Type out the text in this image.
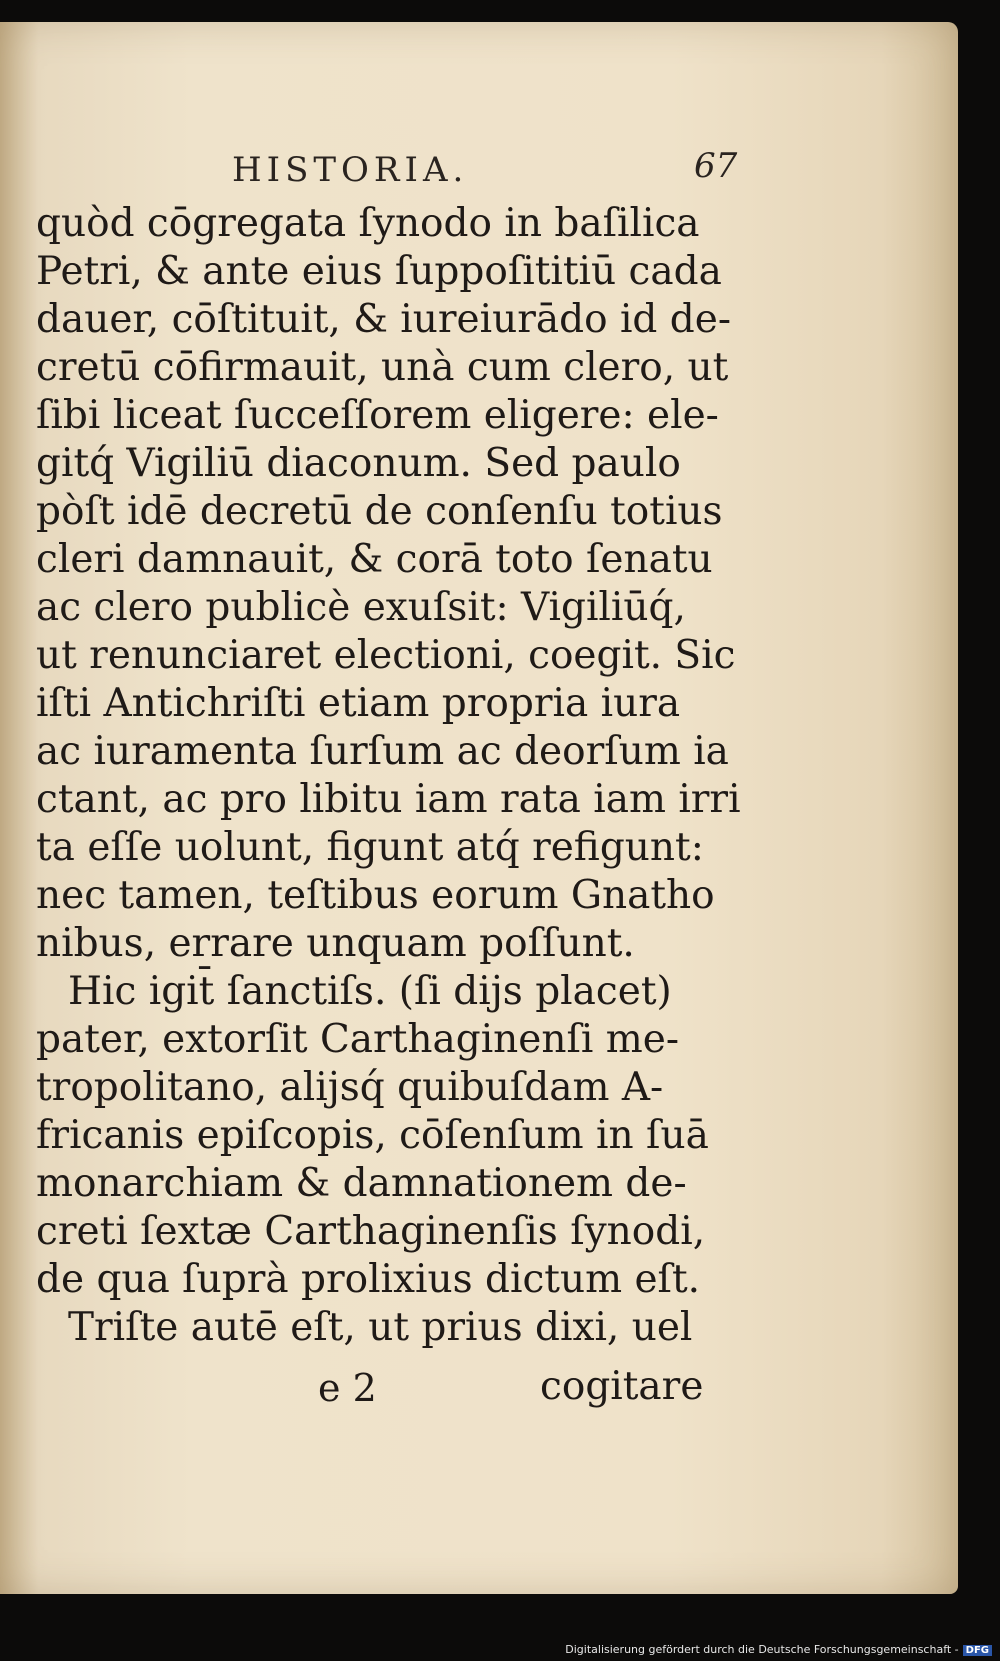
HISTORIA.	67
quòd cōgregata ſynodo in baſilica
Petri, & ante eius ſuppoſititiū cada
dauer, cōſtituit, & iureiurādo id de-
cretū cōfirmauit, unà cum clero, ut
ſibi liceat ſucceſſorem eligere: ele-
gitq́ Vigiliū diaconum. Sed paulo
pòſt idē decretū de conſenſu totius
cleri damnauit, & corā toto ſenatu
ac clero publicè exuſsit: Vigiliūq́,
ut renunciaret electioni, coegit. Sic
iſti Antichriſti etiam propria iura
ac iuramenta ſurſum ac deorſum ia
ctant, ac pro libitu iam rata iam irri
ta eſſe uolunt, figunt atq́ refigunt:
nec tamen, teſtibus eorum Gnatho
nibus, errare unquam poſſunt.
Hic igit̄ ſanctiſs. (ſi dijs placet)
pater, extorſit Carthaginenſi me-
tropolitano, alijsq́ quibuſdam A-
fricanis epiſcopis, cōſenſum in ſuā
monarchiam & damnationem de-
creti ſextæ Carthaginenſis ſynodi,
de qua ſuprà prolixius dictum eſt.
Triſte autē eſt, ut prius dixi, uel
e 2	cogitare
Digitalisierung gefördert durch die Deutsche Forschungsgemeinschaft - DFG
